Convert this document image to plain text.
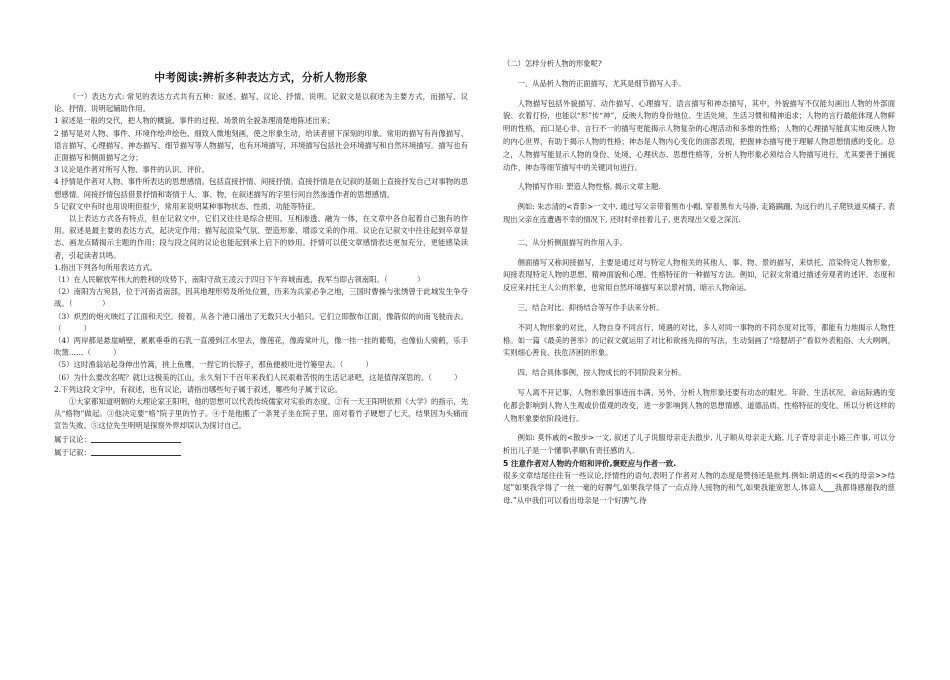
中考阅读:辨析多种表达方式，分析人物形象

（一）表达方式: 常见的表达方式共有五种：叙述、描写、议论、抒情、说明。记叙文是以叙述为主要方式，而描写、议论、抒情、说明起辅助作用。

1 叙述是一般的交代，把人物的概貌、事件的过程、场景的全貌条理清楚地陈述出来；

2 描写是对人物、事件、环境作绘声绘色、细致入微地刻画，使之形象生动，给读者留下深刻的印象。常用的描写有肖像描写、语言描写、心理描写、神态描写、细节描写等人物描写，也有环境描写，环境描写包括社会环境描写和自然环境描写。描写也有正面描写和侧面描写之分；

3 议论是作者对所写人物、事件的认识、评价。

4 抒情是作者对人物、事件所表达的思想感情。包括直接抒情、间接抒情。直接抒情是在记叙的基础上直接抒发自己对事物的思想感情。间接抒情包括借景抒情和寄情于人、事、物，在叙述描写的字里行间自然渗透作者的思想感情。

5 记叙文中有时也用说明但很少，常用来说明某种事物状态、性质、功能等特征。

以上表达方式各有特点，但在记叙文中，它们又往往是综合使用、互相渗透、融为一体，在文章中各自起着自己独有的作用。叙述是最主要的表达方式，起决定作用；描写起渲染气氛、塑造形象、增添文采的作用。议论在记叙文中往往起到卒章显志、画龙点睛揭示主题的作用；段与段之间的议论也能起到承上启下的妙用。抒情可以使文章感情表达更加充分，更能感染读者，引起读者共鸣。

1.指出下列各句所用表达方式。

（1）在人民解放军伟大的胜利的攻势下，南阳守敌王凌云于四日下午弃城南逃，我军当即占领南阳。（　　　　）

（2）南阳为古宛县，位于河南省南部，因其地理形势及所处位置，历来为兵家必争之地，三国时曹操与张绣曾于此城发生争夺战。（　　　　）

（3）炽烈的炮火映红了江面和天空。接着，从各个港口涌出了无数只大小船只。它们立即散布江面，像箭似的向南飞驶而去。（　　　）

（4）两岸都是悬崖峭壁，累累垂垂的石乳一直漫到江水里去，像莲花，像海棠叶儿，像一挂一挂的葡萄，也像仙人骑鹤，乐手吹箫……（　　　）

（5）这时渔翁站起身伸出竹篙，挑上鱼鹰，一捏它的长脖子，那鱼便被吐进竹篓里去。（　　　）

（6）为什么要改名呢？就让这极美的江山，永久刻下千百年来我们人民艰难苦恨的生活记录吧，这是值得深思的。（　　　）

2.下列这段文字中，有叙述，也有议论，请指出哪些句子属于叙述，哪些句子属于议论。

①大家都知道明朝的大理论家王阳明，他的思想可以代表传统儒家对实验的态度。②有一天王阳明依照《大学》的指示，先从“格物”做起。③他决定要“格”院子里的竹子。④于是他搬了一条凳子坐在院子里，面对着竹子硬想了七天，结果因为头痛而宣告失败。⑤这位先生明明是探察外界却误认为探讨自己。

属于议论：

属于记叙：

（二）怎样分析人物的形象呢?

一、从品析人物的正面描写，尤其是细节描写入手。

人物描写包括外貌描写、动作描写、心理描写、语言描写和神态描写，其中，外貌描写不仅能勾画出人物的外部面貌、衣着打扮，也能以“形”传“神”，反映人物的身份地位、生活处境、生活习惯和精神追求；人物的言行最能体现人物鲜明的性格，而口是心非、言行不一的描写更能揭示人物复杂的心理活动和多维的性格；人物的心理描写能真实地反映人物的内心世界，有助于揭示人物的性格；神态是人物内心变化的面部表现，把握神态描写便于理解人物思想情感的变化。总之，人物描写能显示人物的身份、处境、心理状态、思想性格等，分析人物形象必须结合人物描写进行，尤其要善于捕捉动作、神态等细节描写中的关键词句进行。

人物描写作用: 塑造人物性格, 揭示文章主题.

例如: 朱志清的<背影>一文中, 通过写父亲带着黑布小帽, 穿着黑布大马褂, 走路蹒跚, 为远行的儿子爬铁道买橘子, 表现出父亲在连遭遇不幸的情况下, 还时时牵挂着儿子, 更表现出父爱之深沉.

二、从分析侧面描写的作用入手。

侧面描写又称间接描写，主要是通过对与特定人物相关的其他人、事、物、景的描写，来烘托、渲染特定人物形象，间接表现特定人物的思想、精神面貌和心理、性格特征的一种描写方法。例如，记叙文常通过描述旁观者的述评、态度和反应来衬托主人公的形象，也常用自然环境描写来以景衬情、暗示人物命运。

三、结合对比、抑扬结合等写作手法来分析。

不同人物形象的对比，人物自身不同言行、境遇的对比，多人对同一事物的不同态度对比等，都能有力地揭示人物性格。如一篇《最美的善举》的记叙文就运用了对比和欲扬先抑的写法，生动刻画了“络腮胡子”看似外表粗俗、大大咧咧，实则细心善良、扶危济困的形象。

四、结合具体事例，按人物成长的不同阶段来分析。

写人离不开记事，人物形象因事迹而丰满，另外，分析人物形象还要有动态的眼光。年龄、生活状况、命运际遇的变化都会影响到人物人生观或价值观的改变，进一步影响到人物的思想情感、道德品质、性格特征的变化，所以分析这样的人物形象要依阶段进行。

例如: 莫怀戚的<散步>一文, 叙述了儿子说服母亲走去散步, 儿子顺从母亲走大路, 儿子背母亲走小路三件事, 可以分析出儿子是一个懂事\孝顺\有责任感的人.

5 注意作者对人物的介绍和评价,褒贬应与作者一致.

很多文章结尾往往有一些议论,抒情性的语句,表明了作者对人物的态度是赞扬还是批判.例如:胡适的<<我的母亲>>结尾“如果我学得了一丝一毫的好脾气,如果我学得了一点点待人接物的和气,如果我能宽恕人.体谅人___我都得感谢我的慈母.”从中我们可以看出母亲是一个好脾气.待
